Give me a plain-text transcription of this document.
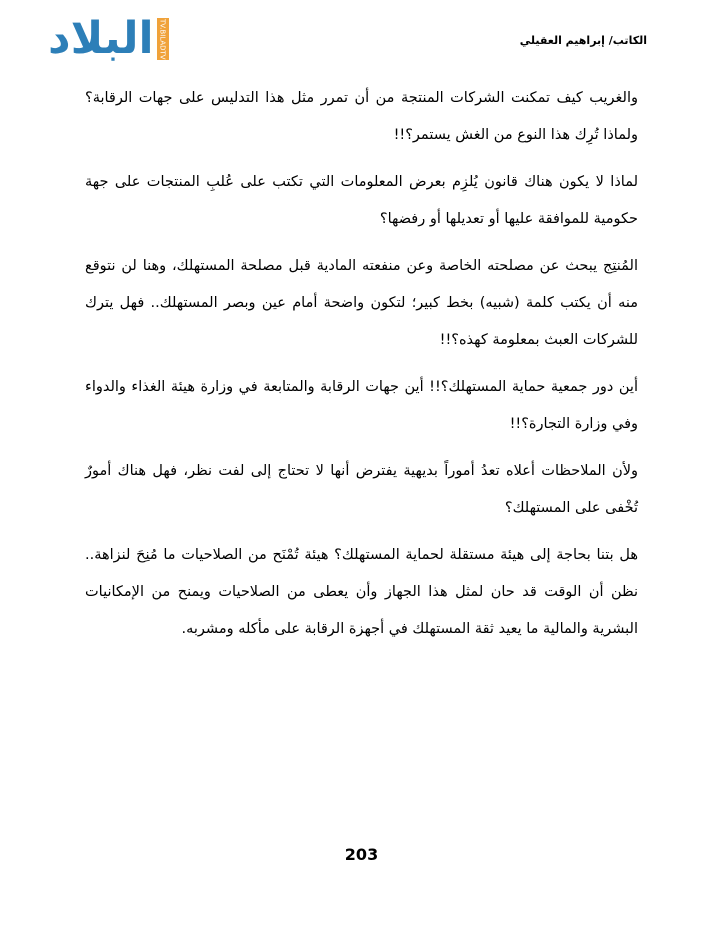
البلاد TV.BILADTV	الكاتب/ إبراهيم العقيلي

والغريب كيف تمكنت الشركات المنتجة من أن تمرر مثل هذا التدليس على جهات الرقابة؟ ولماذا تُرِك هذا النوع من الغش يستمر؟!!

لماذا لا يكون هناك قانون يُلزِم بعرض المعلومات التي تكتب على عُلبِ المنتجات على جهة حكومية للموافقة عليها أو تعديلها أو رفضها؟

المُنتِج يبحث عن مصلحته الخاصة وعن منفعته المادية قبل مصلحة المستهلك، وهنا لن نتوقع منه أن يكتب كلمة (شبيه) بخط كبير؛ لتكون واضحة أمام عين وبصر المستهلك.. فهل يترك للشركات العبث بمعلومة كهذه؟!!

أين دور جمعية حماية المستهلك؟!! أين جهات الرقابة والمتابعة في وزارة هيئة الغذاء والدواء وفي وزارة التجارة؟!!

ولأن الملاحظات أعلاه تعدُ أموراً بديهية يفترض أنها لا تحتاج إلى لفت نظر، فهل هناك أمورٌ تُخْفى على المستهلك؟

هل بتنا بحاجة إلى هيئة مستقلة لحماية المستهلك؟ هيئة تُمْنَح من الصلاحيات ما مُنِحَ لنزاهة.. نظن أن الوقت قد حان لمثل هذا الجهاز وأن يعطى من الصلاحيات ويمنح من الإمكانيات البشرية والمالية ما يعيد ثقة المستهلك في أجهزة الرقابة على مأكله ومشربه.

203
